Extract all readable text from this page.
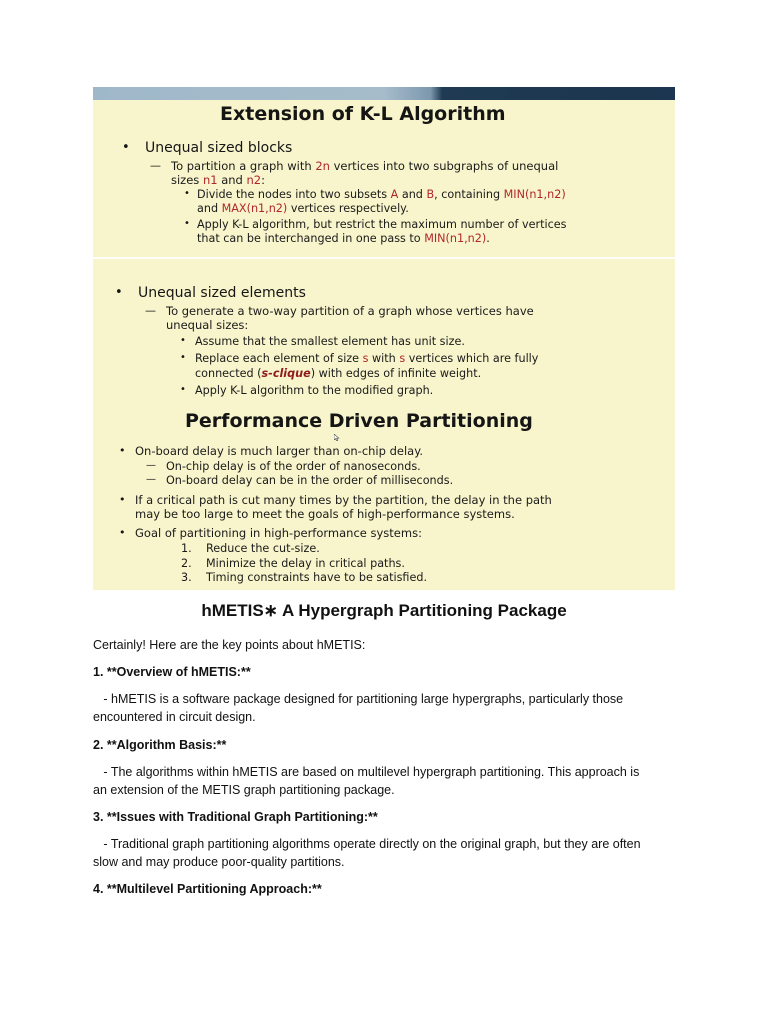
Extension of K-L Algorithm
• Unequal sized blocks
— To partition a graph with 2n vertices into two subgraphs of unequal
sizes n1 and n2:
• Divide the nodes into two subsets A and B, containing MIN(n1,n2)
and MAX(n1,n2) vertices respectively.
• Apply K-L algorithm, but restrict the maximum number of vertices
that can be interchanged in one pass to MIN(n1,n2).
• Unequal sized elements
— To generate a two-way partition of a graph whose vertices have
unequal sizes:
• Assume that the smallest element has unit size.
• Replace each element of size s with s vertices which are fully
connected (s-clique) with edges of infinite weight.
• Apply K-L algorithm to the modified graph.
Performance Driven Partitioning
• On-board delay is much larger than on-chip delay.
— On-chip delay is of the order of nanoseconds.
— On-board delay can be in the order of milliseconds.
• If a critical path is cut many times by the partition, the delay in the path
may be too large to meet the goals of high-performance systems.
• Goal of partitioning in high-performance systems:
1. Reduce the cut-size.
2. Minimize the delay in critical paths.
3. Timing constraints have to be satisfied.
hMETIS∗ A Hypergraph Partitioning Package
Certainly! Here are the key points about hMETIS:
1. **Overview of hMETIS:**
- hMETIS is a software package designed for partitioning large hypergraphs, particularly those
encountered in circuit design.
2. **Algorithm Basis:**
- The algorithms within hMETIS are based on multilevel hypergraph partitioning. This approach is
an extension of the METIS graph partitioning package.
3. **Issues with Traditional Graph Partitioning:**
- Traditional graph partitioning algorithms operate directly on the original graph, but they are often
slow and may produce poor-quality partitions.
4. **Multilevel Partitioning Approach:**
